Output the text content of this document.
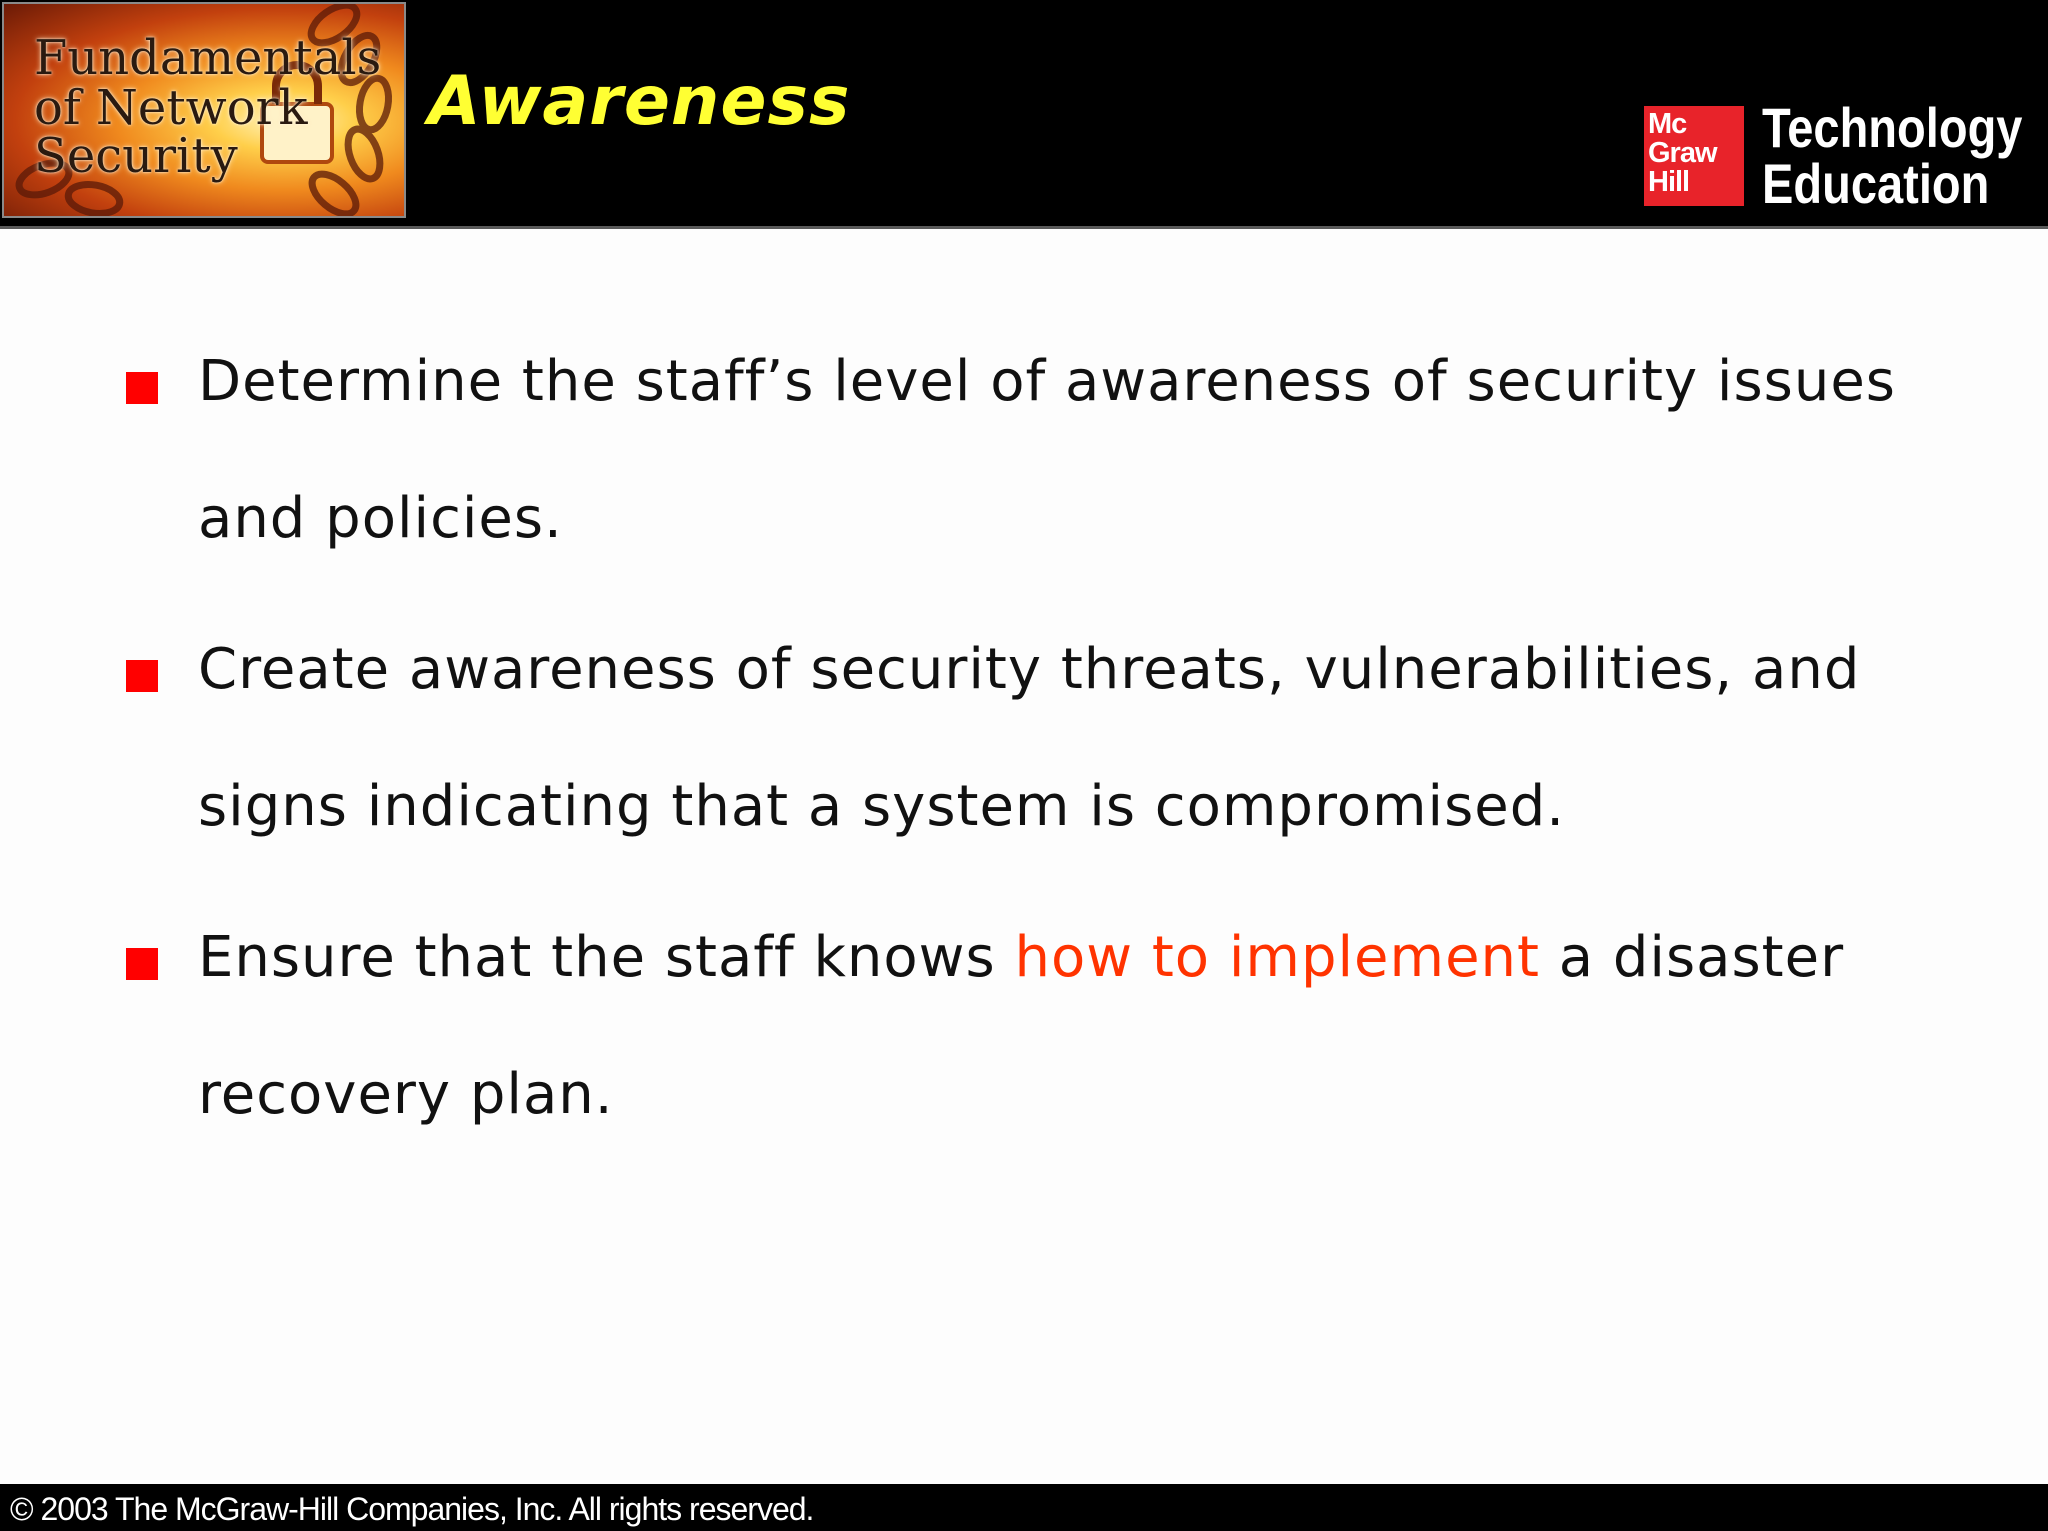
Fundamentals
of Network
Security
Awareness	Mc
Graw
Hill
Technology
Education
Determine the staff’s level of awareness of security issues
and policies.
Create awareness of security threats, vulnerabilities, and
signs indicating that a system is compromised.
Ensure that the staff knows how to implement a disaster
recovery plan.
© 2003 The McGraw-Hill Companies, Inc. All rights reserved.
